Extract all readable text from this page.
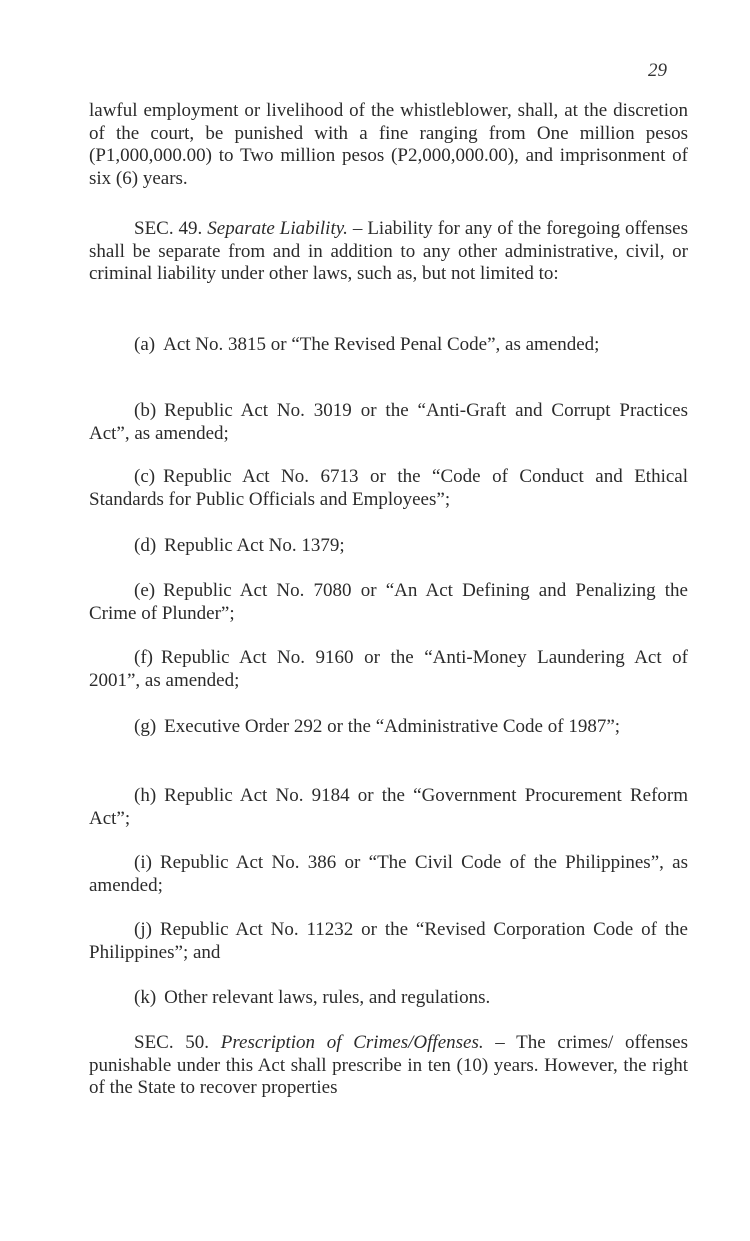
29

lawful employment or livelihood of the whistleblower, shall, at the discretion of the court, be punished with a fine ranging from One million pesos (P1,000,000.00) to Two million pesos (P2,000,000.00), and imprisonment of six (6) years.

SEC. 49. Separate Liability. – Liability for any of the foregoing offenses shall be separate from and in addition to any other administrative, civil, or criminal liability under other laws, such as, but not limited to:

(a) Act No. 3815 or “The Revised Penal Code”, as amended;

(b) Republic Act No. 3019 or the “Anti-Graft and Corrupt Practices Act”, as amended;

(c) Republic Act No. 6713 or the “Code of Conduct and Ethical Standards for Public Officials and Employees”;

(d) Republic Act No. 1379;

(e) Republic Act No. 7080 or “An Act Defining and Penalizing the Crime of Plunder”;

(f) Republic Act No. 9160 or the “Anti-Money Laundering Act of 2001”, as amended;

(g) Executive Order 292 or the “Administrative Code of 1987”;

(h) Republic Act No. 9184 or the “Government Procurement Reform Act”;

(i) Republic Act No. 386 or “The Civil Code of the Philippines”, as amended;

(j) Republic Act No. 11232 or the “Revised Corporation Code of the Philippines”; and

(k) Other relevant laws, rules, and regulations.

SEC. 50. Prescription of Crimes/Offenses. – The crimes/ offenses punishable under this Act shall prescribe in ten (10) years. However, the right of the State to recover properties
